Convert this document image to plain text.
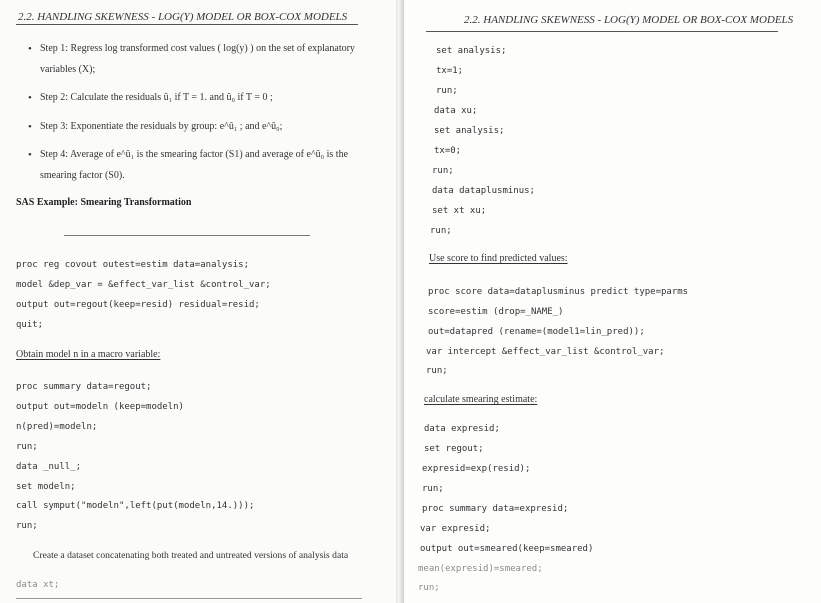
2.2. HANDLING SKEWNESS - LOG(Y) MODEL OR BOX-COX MODELS
• Step 1: Regress log transformed cost values ( log(y) ) on the set of explanatory
variables (X);
• Step 2: Calculate the residuals û₁ if T = 1. and û₀ if T = 0 ;
• Step 3: Exponentiate the residuals by group: e^û₁ ; and e^û₀;
• Step 4: Average of e^û₁ is the smearing factor (S1) and average of e^û₀ is the
smearing factor (S0).
SAS Example: Smearing Transformation
proc reg covout outest=estim data=analysis;
model &dep_var = &effect_var_list &control_var;
output out=regout(keep=resid) residual=resid;
quit;
Obtain model n in a macro variable:
proc summary data=regout;
output out=modeln (keep=modeln)
n(pred)=modeln;
run;
data _null_;
set modeln;
call symput("modeln",left(put(modeln,14.)));
run;
Create a dataset concatenating both treated and untreated versions of analysis data
data xt;
2.2. HANDLING SKEWNESS - LOG(Y) MODEL OR BOX-COX MODELS
set analysis;
tx=1;
run;
data xu;
set analysis;
tx=0;
run;
data dataplusminus;
set xt xu;
run;
Use score to find predicted values:
proc score data=dataplusminus predict type=parms
score=estim (drop=_NAME_)
out=datapred (rename=(model1=lin_pred));
var intercept &effect_var_list &control_var;
run;
calculate smearing estimate:
data expresid;
set regout;
expresid=exp(resid);
run;
proc summary data=expresid;
var expresid;
output out=smeared(keep=smeared)
mean(expresid)=smeared;
run;
